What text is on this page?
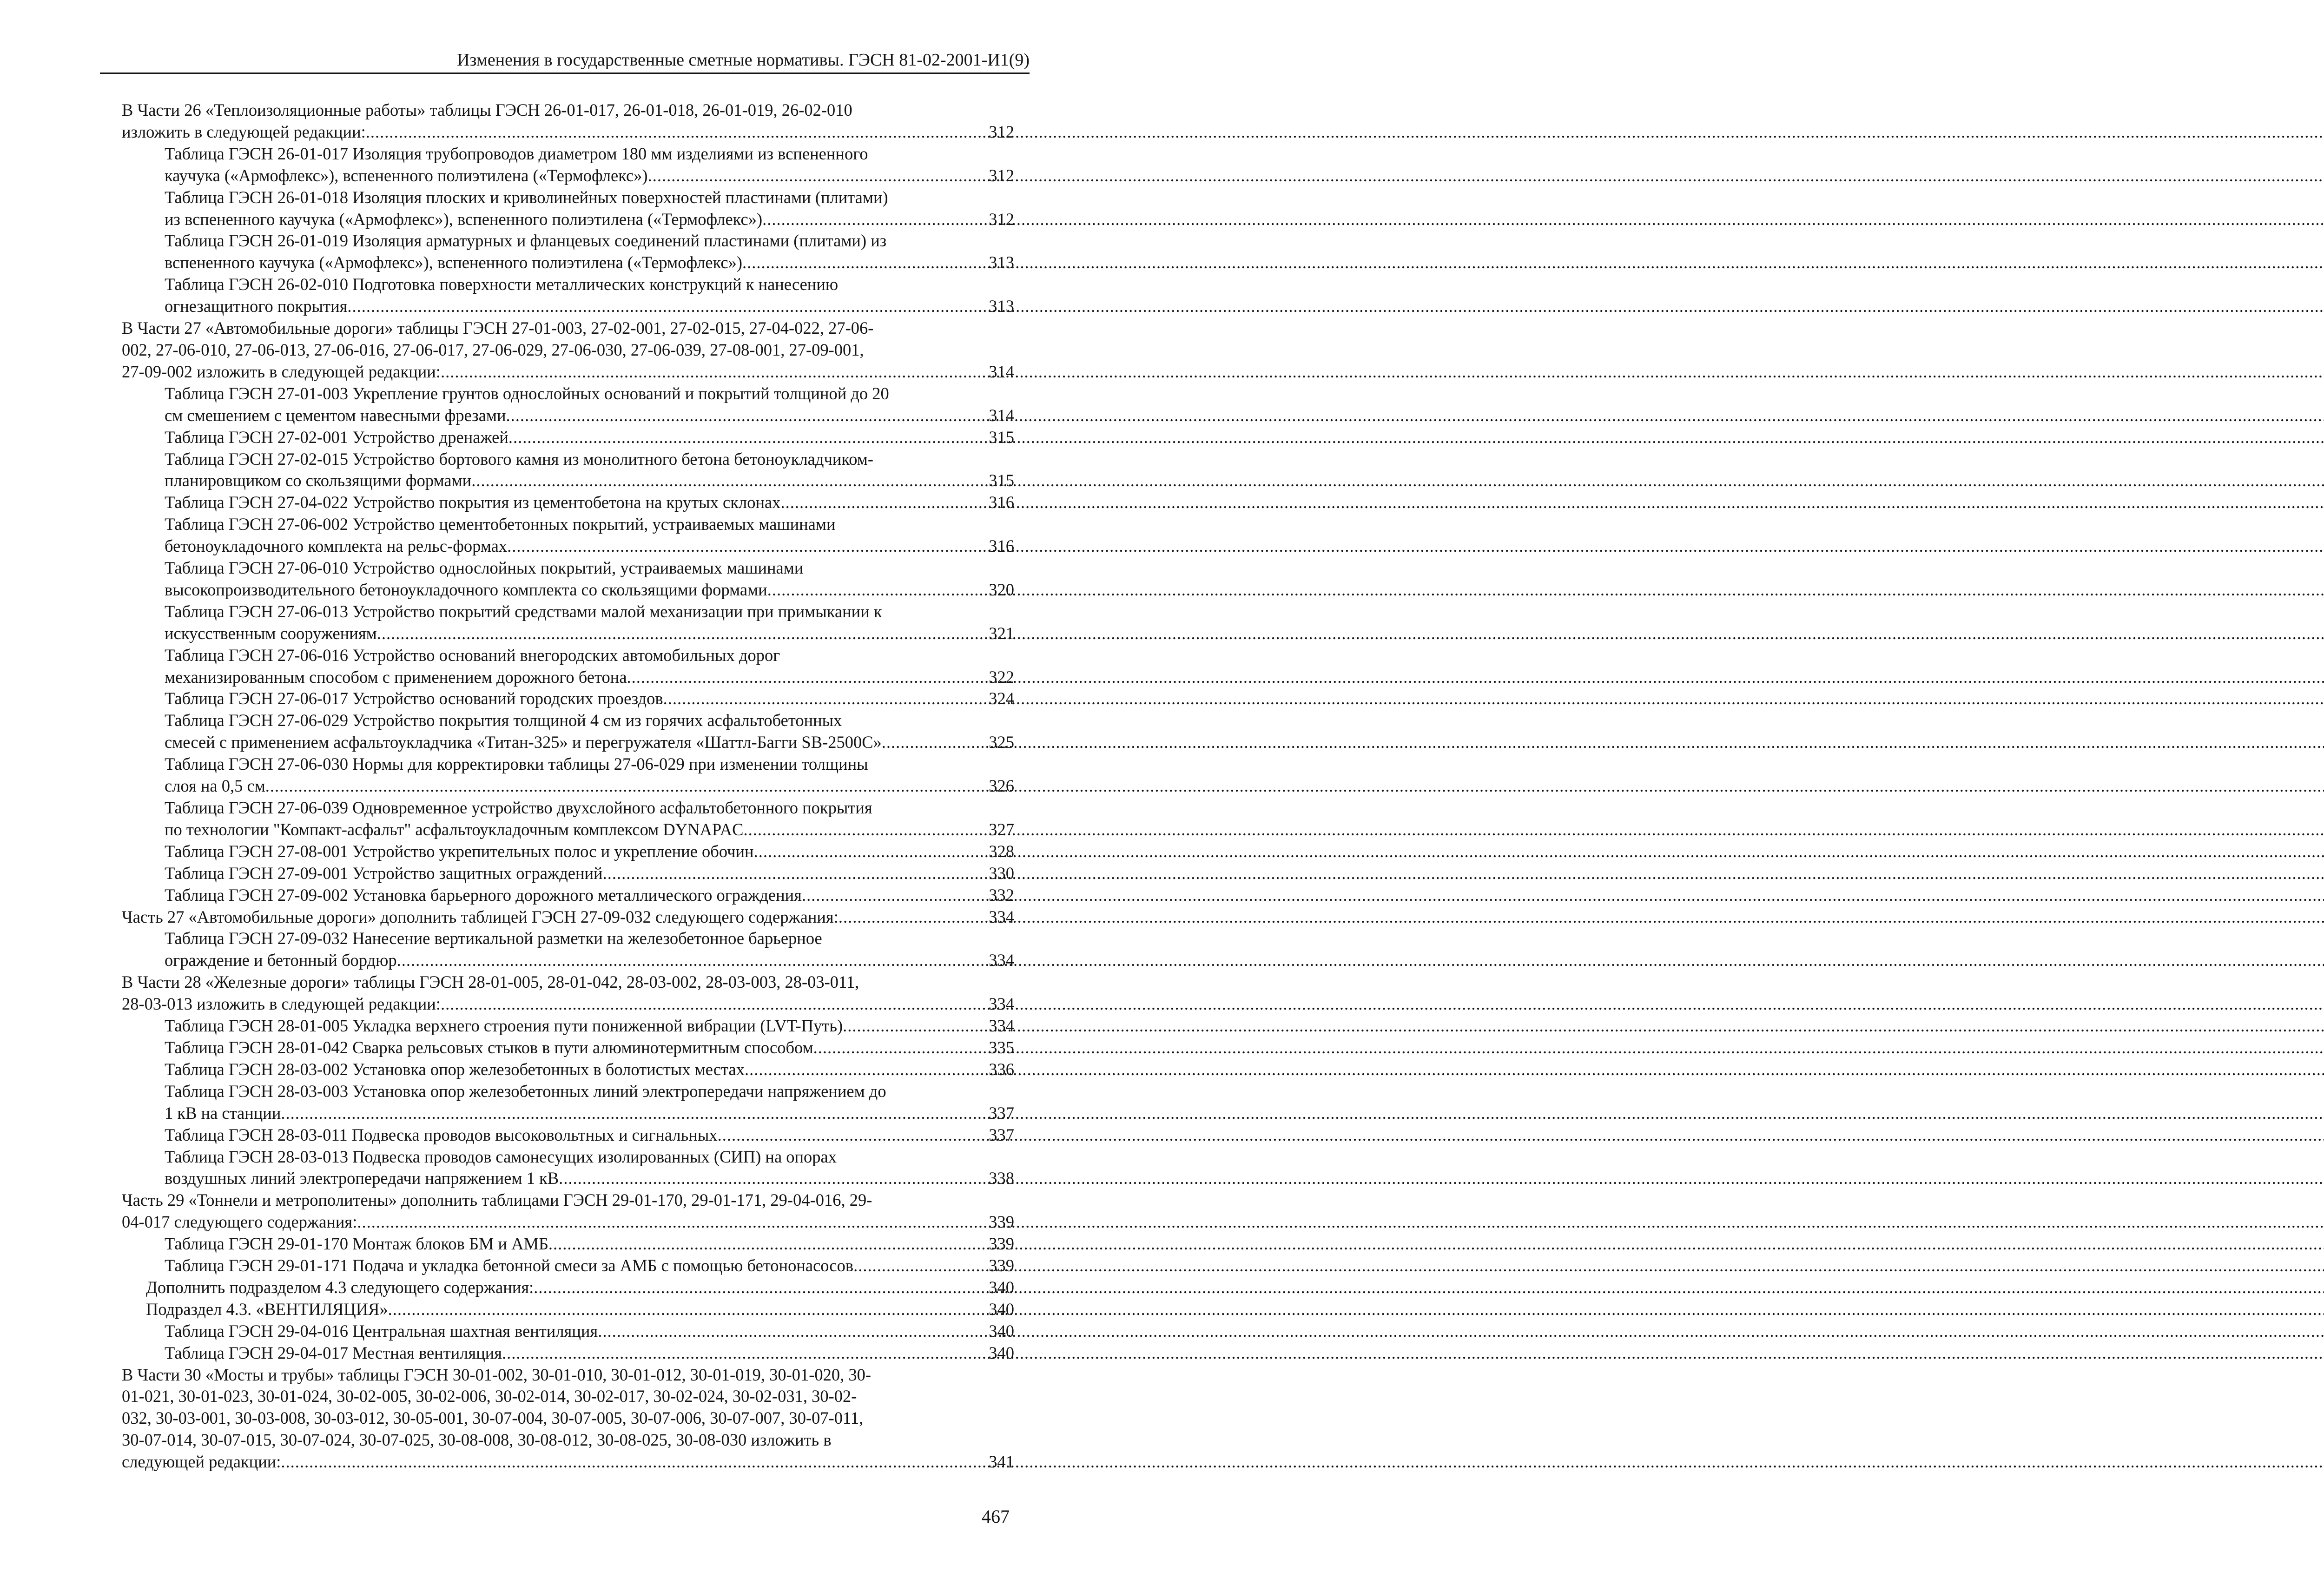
Изменения в государственные сметные нормативы. ГЭСН 81-02-2001-И1(9)
В Части 26 «Теплоизоляционные работы» таблицы ГЭСН 26-01-017, 26-01-018, 26-01-019, 26-02-010
изложить в следующей редакции: .....	312
Таблица ГЭСН 26-01-017 Изоляция трубопроводов диаметром 180 мм изделиями из вспененного
каучука («Армофлекс»), вспененного полиэтилена («Термофлекс») .....	312
Таблица ГЭСН 26-01-018 Изоляция плоских и криволинейных поверхностей пластинами (плитами)
из вспененного каучука («Армофлекс»), вспененного полиэтилена («Термофлекс») .....	312
Таблица ГЭСН 26-01-019 Изоляция арматурных и фланцевых соединений пластинами (плитами) из
вспененного каучука («Армофлекс»), вспененного полиэтилена («Термофлекс») .....	313
Таблица ГЭСН 26-02-010 Подготовка поверхности металлических конструкций к нанесению
огнезащитного покрытия .....	313
В Части 27 «Автомобильные дороги» таблицы ГЭСН 27-01-003, 27-02-001, 27-02-015, 27-04-022, 27-06-
002, 27-06-010, 27-06-013, 27-06-016, 27-06-017, 27-06-029, 27-06-030, 27-06-039, 27-08-001, 27-09-001,
27-09-002 изложить в следующей редакции: .....	314
Таблица ГЭСН 27-01-003 Укрепление грунтов однослойных оснований и покрытий толщиной до 20
см смешением с цементом навесными фрезами .....	314
Таблица ГЭСН 27-02-001 Устройство дренажей .....	315
Таблица ГЭСН 27-02-015 Устройство бортового камня из монолитного бетона бетоноукладчиком-
планировщиком со скользящими формами .....	315
Таблица ГЭСН 27-04-022 Устройство покрытия из цементобетона на крутых склонах .....	316
Таблица ГЭСН 27-06-002 Устройство цементобетонных покрытий, устраиваемых машинами
бетоноукладочного комплекта на рельс-формах .....	316
Таблица ГЭСН 27-06-010 Устройство однослойных покрытий, устраиваемых машинами
высокопроизводительного бетоноукладочного комплекта со скользящими формами .....	320
Таблица ГЭСН 27-06-013 Устройство покрытий средствами малой механизации при примыкании к
искусственным сооружениям .....	321
Таблица ГЭСН 27-06-016 Устройство оснований внегородских автомобильных дорог
механизированным способом с применением дорожного бетона .....	322
Таблица ГЭСН 27-06-017 Устройство оснований городских проездов .....	324
Таблица ГЭСН 27-06-029 Устройство покрытия толщиной 4 см из горячих асфальтобетонных
смесей с применением асфальтоукладчика «Титан-325» и перегружателя «Шаттл-Багги SB-2500C» .....	325
Таблица ГЭСН 27-06-030 Нормы для корректировки таблицы 27-06-029 при изменении толщины
слоя на 0,5 см .....	326
Таблица ГЭСН 27-06-039 Одновременное устройство двухслойного асфальтобетонного покрытия
по технологии "Компакт-асфальт" асфальтоукладочным комплексом DYNAPAC .....	327
Таблица ГЭСН 27-08-001 Устройство укрепительных полос и укрепление обочин .....	328
Таблица ГЭСН 27-09-001 Устройство защитных ограждений .....	330
Таблица ГЭСН 27-09-002 Установка барьерного дорожного металлического ограждения .....	332
Часть 27 «Автомобильные дороги» дополнить таблицей ГЭСН 27-09-032 следующего содержания: .....	334
Таблица ГЭСН 27-09-032 Нанесение вертикальной разметки на железобетонное барьерное
ограждение и бетонный бордюр .....	334
В Части 28 «Железные дороги» таблицы ГЭСН 28-01-005, 28-01-042, 28-03-002, 28-03-003, 28-03-011,
28-03-013 изложить в следующей редакции: .....	334
Таблица ГЭСН 28-01-005 Укладка верхнего строения пути пониженной вибрации (LVT-Путь) .....	334
Таблица ГЭСН 28-01-042 Сварка рельсовых стыков в пути алюминотермитным способом .....	335
Таблица ГЭСН 28-03-002 Установка опор железобетонных в болотистых местах .....	336
Таблица ГЭСН 28-03-003 Установка опор железобетонных линий электропередачи напряжением до
1 кВ на станции .....	337
Таблица ГЭСН 28-03-011 Подвеска проводов высоковольтных и сигнальных .....	337
Таблица ГЭСН 28-03-013 Подвеска проводов самонесущих изолированных (СИП) на опорах
воздушных линий электропередачи напряжением 1 кВ .....	338
Часть 29 «Тоннели и метрополитены» дополнить таблицами ГЭСН 29-01-170, 29-01-171, 29-04-016, 29-
04-017 следующего содержания: .....	339
Таблица ГЭСН 29-01-170 Монтаж блоков БМ и АМБ .....	339
Таблица ГЭСН 29-01-171 Подача и укладка бетонной смеси за АМБ с помощью бетононасосов .....	339
Дополнить подразделом 4.3 следующего содержания: .....	340
Подраздел 4.3. «ВЕНТИЛЯЦИЯ» .....	340
Таблица ГЭСН 29-04-016 Центральная шахтная вентиляция .....	340
Таблица ГЭСН 29-04-017 Местная вентиляция .....	340
В Части 30 «Мосты и трубы» таблицы ГЭСН 30-01-002, 30-01-010, 30-01-012, 30-01-019, 30-01-020, 30-
01-021, 30-01-023, 30-01-024, 30-02-005, 30-02-006, 30-02-014, 30-02-017, 30-02-024, 30-02-031, 30-02-
032, 30-03-001, 30-03-008, 30-03-012, 30-05-001, 30-07-004, 30-07-005, 30-07-006, 30-07-007, 30-07-011,
30-07-014, 30-07-015, 30-07-024, 30-07-025, 30-08-008, 30-08-012, 30-08-025, 30-08-030 изложить в
следующей редакции: .....	341
467
